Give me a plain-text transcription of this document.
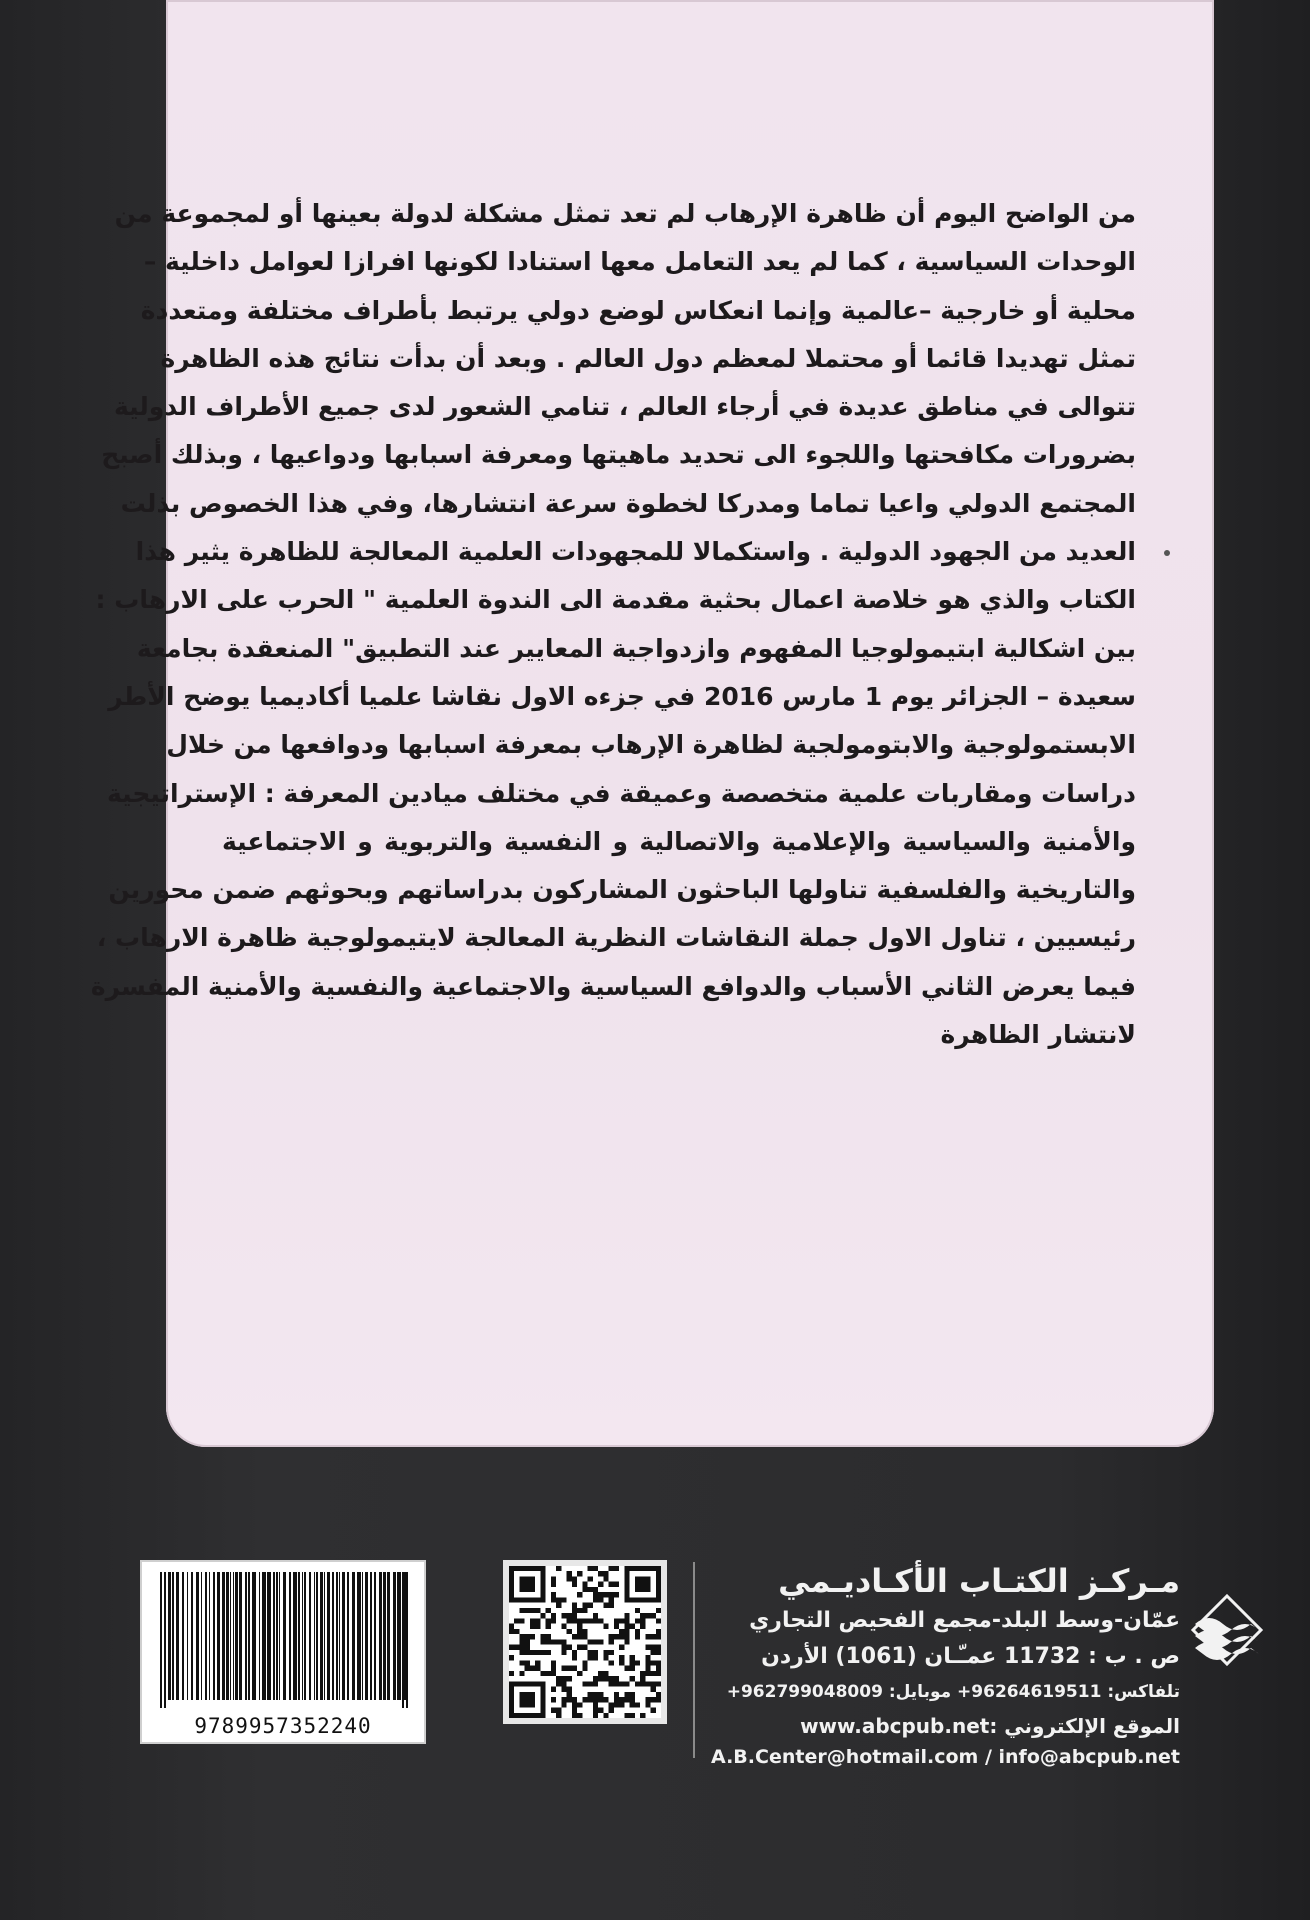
من الواضح اليوم أن ظاهرة الإرهاب لم تعد تمثل مشكلة لدولة بعينها أو لمجموعة من

الوحدات السياسية ، كما لم يعد التعامل معها استنادا لكونها افرازا لعوامل داخلية –

محلية أو خارجية –عالمية وإنما انعكاس لوضع دولي يرتبط بأطراف مختلفة ومتعددة

تمثل تهديدا قائما أو محتملا لمعظم دول العالم . وبعد أن بدأت نتائج هذه الظاهرة

تتوالى في مناطق عديدة في أرجاء العالم ، تنامي الشعور لدى جميع الأطراف الدولية

بضرورات مكافحتها واللجوء الى تحديد ماهيتها ومعرفة اسبابها ودواعيها ، وبذلك أصبح

المجتمع الدولي واعيا تماما ومدركا لخطوة سرعة انتشارها، وفي هذا الخصوص بذلت

العديد من الجهود الدولية . واستكمالا للمجهودات العلمية المعالجة للظاهرة يثير هذا

الكتاب والذي هو خلاصة اعمال بحثية مقدمة الى الندوة العلمية " الحرب على الارهاب :

بين اشكالية ابتيمولوجيا المفهوم وازدواجية المعايير عند التطبيق" المنعقدة بجامعة

سعيدة – الجزائر يوم 1 مارس 2016 في جزءه الاول نقاشا علميا أكاديميا يوضح الأطر

الابستمولوجية والابتومولجية لظاهرة الإرهاب بمعرفة اسبابها ودوافعها من خلال

دراسات ومقاربات علمية متخصصة وعميقة في مختلف ميادين المعرفة : الإستراتيجية

والأمنية والسياسية والإعلامية والاتصالية و النفسية والتربوية و الاجتماعية

والتاريخية والفلسفية تناولها الباحثون المشاركون بدراساتهم وبحوثهم ضمن محورين

رئيسيين ، تناول الاول جملة النقاشات النظرية المعالجة لايتيمولوجية ظاهرة الارهاب ،

فيما يعرض الثاني الأسباب والدوافع السياسية والاجتماعية والنفسية والأمنية المفسرة

لانتشار الظاهرة

9789957352240
مـركـز الكتـاب الأكـاديـمي
عمّان-وسط البلد-مجمع الفحيص التجاري
ص . ب : 11732 عمـّـان (1061) الأردن
تلفاكس: 96264619511+ موبايل: 962799048009+
الموقع الإلكتروني :www.abcpub.net
A.B.Center@hotmail.com / info@abcpub.net
